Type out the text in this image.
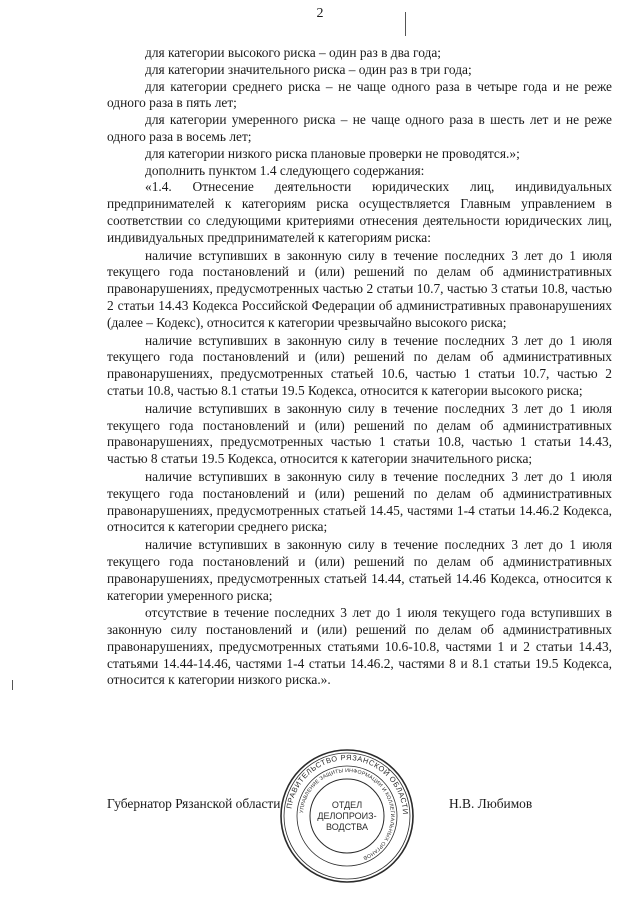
2

для категории высокого риска – один раз в два года;

для категории значительного риска – один раз в три года;

для категории среднего риска – не чаще одного раза в четыре года и не реже одного раза в пять лет;

для категории умеренного риска – не чаще одного раза в шесть лет и не реже одного раза в восемь лет;

для категории низкого риска плановые проверки не проводятся.»;

дополнить пунктом 1.4 следующего содержания:

«1.4. Отнесение деятельности юридических лиц, индивидуальных предпринимателей к категориям риска осуществляется Главным управлением в соответствии со следующими критериями отнесения деятельности юридических лиц, индивидуальных предпринимателей к категориям риска:

наличие вступивших в законную силу в течение последних 3 лет до 1 июля текущего года постановлений и (или) решений по делам об административных правонарушениях, предусмотренных частью 2 статьи 10.7, частью 3 статьи 10.8, частью 2 статьи 14.43 Кодекса Российской Федерации об административных правонарушениях (далее – Кодекс), относится к категории чрезвычайно высокого риска;

наличие вступивших в законную силу в течение последних 3 лет до 1 июля текущего года постановлений и (или) решений по делам об административных правонарушениях, предусмотренных статьей 10.6, частью 1 статьи 10.7, частью 2 статьи 10.8, частью 8.1 статьи 19.5 Кодекса, относится к категории высокого риска;

наличие вступивших в законную силу в течение последних 3 лет до 1 июля текущего года постановлений и (или) решений по делам об административных правонарушениях, предусмотренных частью 1 статьи 10.8, частью 1 статьи 14.43, частью 8 статьи 19.5 Кодекса, относится к категории значительного риска;

наличие вступивших в законную силу в течение последних 3 лет до 1 июля текущего года постановлений и (или) решений по делам об административных правонарушениях, предусмотренных статьей 14.45, частями 1-4 статьи 14.46.2 Кодекса, относится к категории среднего риска;

наличие вступивших в законную силу в течение последних 3 лет до 1 июля текущего года постановлений и (или) решений по делам об административных правонарушениях, предусмотренных статьей 14.44, статьей 14.46 Кодекса, относится к категории умеренного риска;

отсутствие в течение последних 3 лет до 1 июля текущего года вступивших в законную силу постановлений и (или) решений по делам об административных правонарушениях, предусмотренных статьями 10.6-10.8, частями 1 и 2 статьи 14.43, статьями 14.44-14.46, частями 1-4 статьи 14.46.2, частями 8 и 8.1 статьи 19.5 Кодекса, относится к категории низкого риска.».

Губернатор Рязанской области	Н.В. Любимов
ПРАВИТЕЛЬСТВО РЯЗАНСКОЙ ОБЛАСТИ
УПРАВЛЕНИЕ ЗАЩИТЫ ИНФОРМАЦИИ И КОЛЛЕГИАЛЬНЫХ ОРГАНОВ
ОТДЕЛ
ДЕЛОПРОИЗ-
ВОДСТВА
